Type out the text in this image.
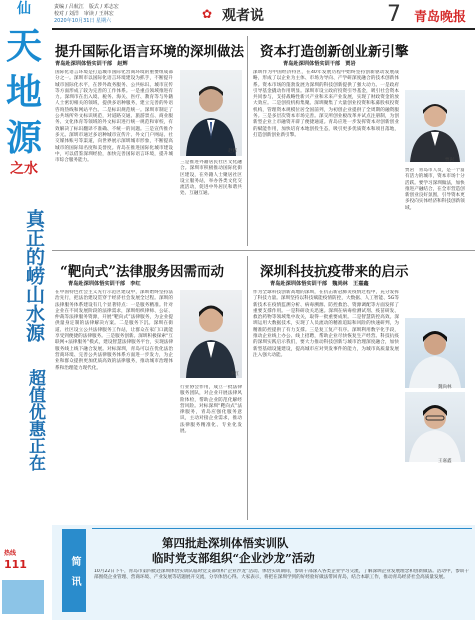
仙
天
地
源
之水
真正的崂山水源
超值优惠正在
热线
111
责编 / 吕航江　版式 / 邓志宏
校对 / 刘洋　审读 / 王林宏
2020年10月31日 星期六	✿ 观者说	7 青岛晚报
提升国际化语言环境的深圳做法
青岛赴深圳体悟实训干部　赵辉
国际化语言环境是打造城市国际化营商环境的重要组成部分之一。深圳市以国际化语言环境建设为抓手，不断提升城市国际化水平，在涉外政务服务、公共标识、城市宣传等方面形成了较为完善的工作体系。一是重点领域推进有力。深圳市在出入境、税务、海关、医疗、教育等与外籍人士密切相关的领域，提供多语种服务，建立完善的外语咨询热线和网站平台。二是标识规范统一。深圳市制定了公共场所外文标识规范，对道路交通、旅游景点、商业服务、文化体育等领域的外文标识进行统一规范和审校，有效解决了标识翻译不准确、不统一的问题。三是宣传推介多元。深圳市通过多语种城市宣传片、外文门户网站、社交媒体账号等渠道，向世界展示深圳城市形象，不断提高城市的国际知名度和美誉度。青岛在推进国际化城市建设中，可以借鉴深圳经验，加快完善国际语言环境，提升城市综合服务能力。
赵辉
三是推进外籍居民社区文化融合。深圳市积极推动国际化街区建设，在外籍人士聚居社区设立服务站，举办各类文化交流活动，促进中外居民和谐共处、互融互通。
资本打造创新创业新引擎
青岛赴深圳体悟实训干部　贾岩
深圳作为中国经济特区，在40年发展历程中始终坚持创新驱动发展战略，形成了以企业为主体、市场为导向、产学研深度融合的技术创新体系。资本市场的蓬勃发展为深圳的科技创新提供了强大动力。一是政府引导基金撬动作用明显。深圳市设立政府投资引导基金，吸引社会资本共同参与，支持战略性新兴产业和未来产业发展，实现了财政资金的放大效应。二是创投机构集聚。深圳聚集了大量创业投资和私募股权投资机构，管理资本规模位居全国前列，为初创企业提供了全周期的融资服务。三是多层次资本市场完善。深交所创业板改革并试点注册制，为创新型企业上市融资开辟了便捷通道。青岛应进一步发挥资本对创新创业的赋能作用，加快培育本地创投生态，吸引更多优质资本和项目落地，打造创新创业新引擎。
贾岩
贾岩　青岛市人员，是一个富有活力的城市，资本市场十分活跃。要学习深圳做法，加快推进产融结合，在全市营造创新创业良好氛围，引导资本更多投向实体经济和科技创新领域。
“靶向式”法律服务因需而动
青岛赴深圳体悟实训干部　李红
在中国特色社会主义先行示范区建设中，深圳始终坚持法治先行，把法治建设贯穿于经济社会发展全过程。深圳的法律服务体系建设有几个显著特点：一是服务精准。针对企业在不同发展阶段的法律需求，深圳组织律师、公证、仲裁等法律服务资源，开展“靶向式”法律服务，为企业提供量身定制的法律解决方案。二是服务下沉。深圳在街道、社区设立公共法律服务工作站，让群众在家门口就能享受到便捷的法律服务。三是服务创新。深圳积极探索“互联网+法律服务”模式，建设智慧法律服务平台，实现法律服务线上线下融合发展。对标深圳，青岛可以在优化法治营商环境、完善公共法律服务体系方面进一步发力，为企业和群众提供更加优质高效的法律服务，推动城市治理体系和治理能力现代化。
李红
行业协会作用，成立一批法律服务团队，对企业开展法律风险体检，帮助企业防范化解经营风险。对标深圳“靶向式”法律服务，青岛应强化服务意识，主动对接企业需求，推动法律服务精准化、专业化发展。
深圳科技抗疫带来的启示
青岛赴深圳体悟实训干部　魏尚林　王嘉鑫
作为全球科技创新高地的深圳，在抗击新冠肺炎疫情过程中，充分发挥了科技力量。深圳坚持以科技赋能疫情防控，大数据、人工智能、5G等新技术在疫情监测分析、病毒溯源、防控救治、资源调配等方面发挥了重要支撑作用。一是科研攻关迅速。深圳在病毒检测试剂、疫苗研发、救治药物等领域集中攻关，取得一批重要成果。二是智慧防控高效。深圳运用大数据技术，实现了人员流动的精准追踪和风险的快速研判，为精准防控提供了有力支撑。三是复工复产有序。深圳利用数字化手段，推动企业线上办公、线上招聘，帮助企业尽快恢复生产经营。科技抗疫的深圳实践启示我们，要大力推动科技创新与城市治理深度融合，加快新型基础设施建设，提高城市应对突发事件的能力，为城市高质量发展注入强大动能。
魏尚林
王嘉鑫
简　讯
第四批赴深圳体悟实训队
临时党支部组织“企业沙龙”活动
10月22日下午，青岛市第四批赴深圳体悟实训队临时党支部组织“企业沙龙”活动。体悟实训期间，参训干部深入各类企业学习交流，了解深圳企业发展理念和创新做法。活动中，参训干部围绕企业管理、营商环境、产业发展等话题展开交流，分享体悟心得。大家表示，将把在深圳学到的好经验好做法带回青岛，结合本职工作，推动青岛经济社会高质量发展。
